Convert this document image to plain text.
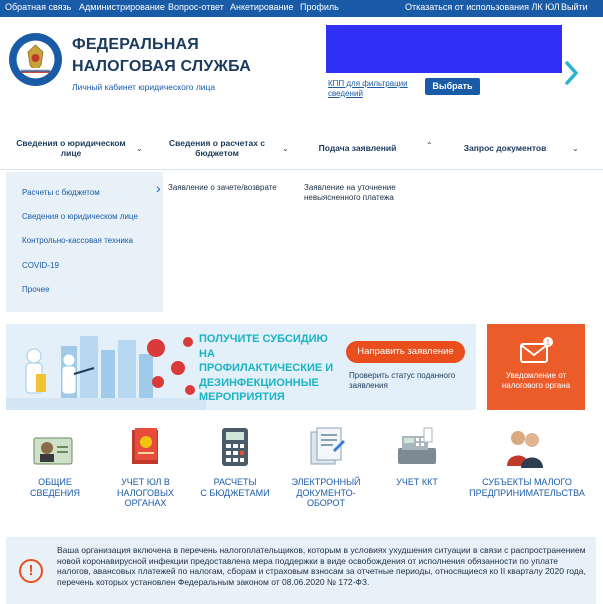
Обратная связь Администрирование Вопрос-ответ Анкетирование Профиль	Отказаться от использования ЛК ЮЛ Выйти
ФЕДЕРАЛЬНАЯ
НАЛОГОВАЯ СЛУЖБА
Личный кабинет юридического лица	КПП для фильтрации сведений
Выбрать
Сведения о юридическом лице	⌄
Сведения о расчетах с бюджетом	⌄	Подача заявлений	⌃	Запрос документов	⌄
Расчеты с бюджетом
Сведения о юридическом лице
Контрольно-кассовая техника
COVID-19
Прочее
› Заявление о зачете/возврате	Заявление на уточнение невыясненного платежа
ПОЛУЧИТЕ СУБСИДИЮ НА ПРОФИЛАКТИЧЕСКИЕ И ДЕЗИНФЕКЦИОННЫЕ МЕРОПРИЯТИЯ
Направить заявление
Проверить статус поданного заявления
1
Уведомление от налогового органа
ОБЩИЕ
СВЕДЕНИЯ
УЧЕТ ЮЛ В
НАЛОГОВЫХ
ОРГАНАХ
РАСЧЕТЫ
С БЮДЖЕТАМИ
ЭЛЕКТРОННЫЙ
ДОКУМЕНТО-
ОБОРОТ
УЧЕТ ККТ	СУБЪЕКТЫ МАЛОГО
ПРЕДПРИНИМАТЕЛЬСТВА
!
Ваша организация включена в перечень налогоплательщиков, которым в условиях ухудшения ситуации в связи с распространением новой коронавирусной инфекции предоставлена мера поддержки в виде освобождения от исполнения обязанности по уплате налогов, авансовых платежей по налогам, сборам и страховым взносам за отчетные периоды, относящиеся ко II кварталу 2020 года, перечень которых установлен Федеральным законом от 08.06.2020 № 172-ФЗ.
